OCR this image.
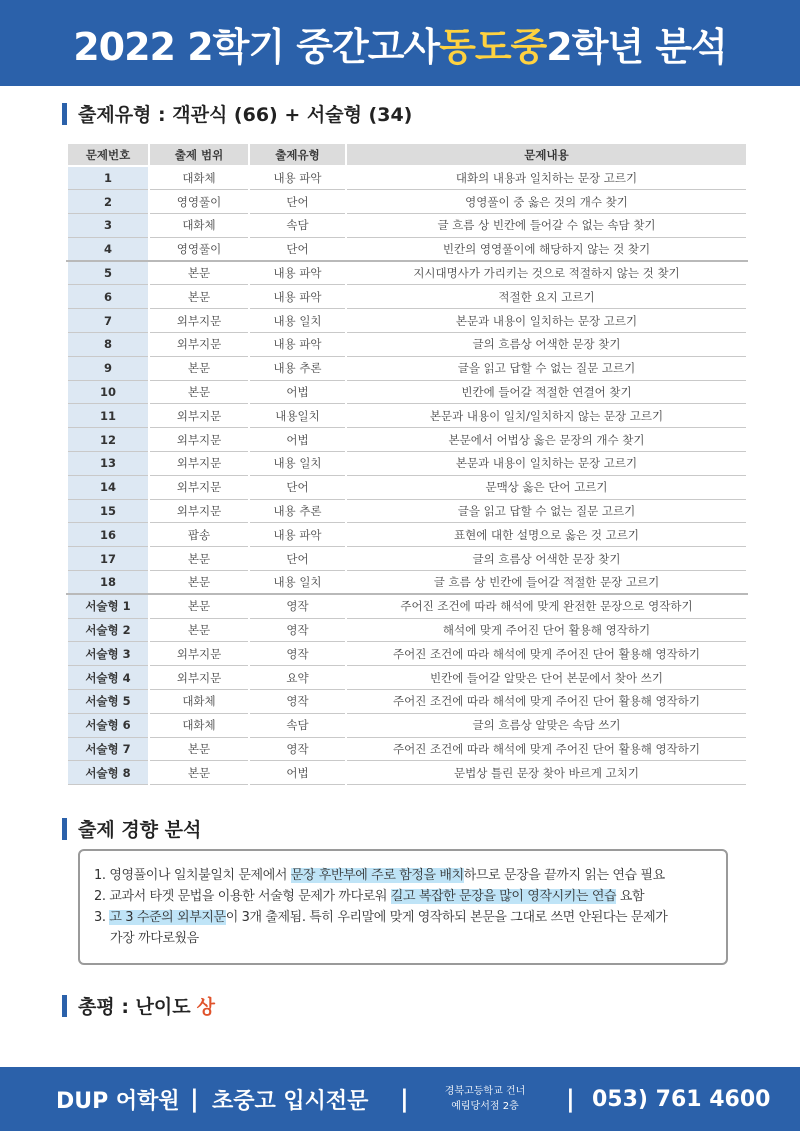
2022 2학기 중간고사 동도중 2학년 분석
출제유형 : 객관식 (66) + 서술형 (34)
문제번호	출제 범위	출제유형	문제내용
1	대화체	내용 파악	대화의 내용과 일치하는 문장 고르기
2	영영풀이	단어	영영풀이 중 옳은 것의 개수 찾기
3	대화체	속담	글 흐름 상 빈칸에 들어갈 수 없는 속담 찾기
4	영영풀이	단어	빈칸의 영영풀이에 해당하지 않는 것 찾기
5	본문	내용 파악	지시대명사가 가리키는 것으로 적절하지 않는 것 찾기
6	본문	내용 파악	적절한 요지 고르기
7	외부지문	내용 일치	본문과 내용이 일치하는 문장 고르기
8	외부지문	내용 파악	글의 흐름상 어색한 문장 찾기
9	본문	내용 추론	글을 읽고 답할 수 없는 질문 고르기
10	본문	어법	빈칸에 들어갈 적절한 연결어 찾기
11	외부지문	내용일치	본문과 내용이 일치/일치하지 않는 문장 고르기
12	외부지문	어법	본문에서 어법상 옳은 문장의 개수 찾기
13	외부지문	내용 일치	본문과 내용이 일치하는 문장 고르기
14	외부지문	단어	문맥상 옳은 단어 고르기
15	외부지문	내용 추론	글을 읽고 답할 수 없는 질문 고르기
16	팝송	내용 파악	표현에 대한 설명으로 옳은 것 고르기
17	본문	단어	글의 흐름상 어색한 문장 찾기
18	본문	내용 일치	글 흐름 상 빈칸에 들어갈 적절한 문장 고르기
서술형 1	본문	영작	주어진 조건에 따라 해석에 맞게 완전한 문장으로 영작하기
서술형 2	본문	영작	해석에 맞게 주어진 단어 활용해 영작하기
서술형 3	외부지문	영작	주어진 조건에 따라 해석에 맞게 주어진 단어 활용해 영작하기
서술형 4	외부지문	요약	빈칸에 들어갈 알맞은 단어 본문에서 찾아 쓰기
서술형 5	대화체	영작	주어진 조건에 따라 해석에 맞게 주어진 단어 활용해 영작하기
서술형 6	대화체	속담	글의 흐름상 알맞은 속담 쓰기
서술형 7	본문	영작	주어진 조건에 따라 해석에 맞게 주어진 단어 활용해 영작하기
서술형 8	본문	어법	문법상 틀린 문장 찾아 바르게 고치기
출제 경향 분석

1. 영영풀이나 일치불일치 문제에서 문장 후반부에 주로 함정을 배치하므로 문장을 끝까지 읽는 연습 필요

2. 교과서 타겟 문법을 이용한 서술형 문제가 까다로워 길고 복잡한 문장을 많이 영작시키는 연습 요함

3. 고 3 수준의 외부지문이 3개 출제됨. 특히 우리말에 맞게 영작하되 본문을 그대로 쓰면 안된다는 문제가

가장 까다로웠음

총평 : 난이도 상
DUP 어학원 | 초중고 입시전문 |	경북고등학교 건너
예림당서점 2층	| 053) 761 4600
